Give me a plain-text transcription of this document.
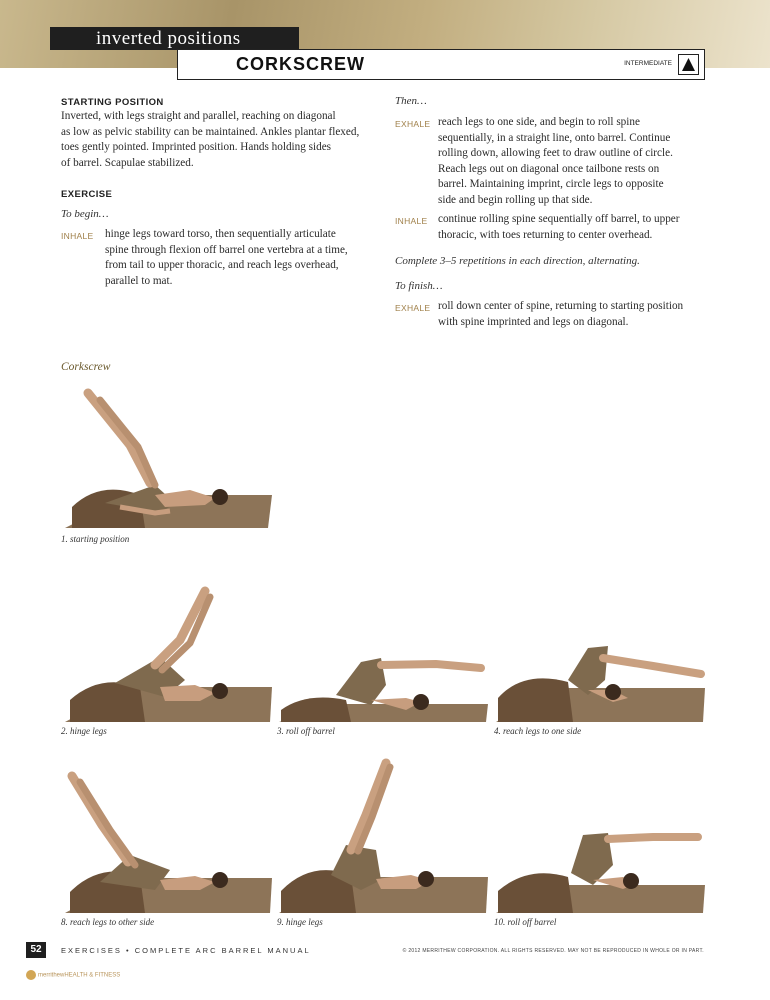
inverted positions
CORKSCREW	INTERMEDIATE
STARTING POSITION
Inverted, with legs straight and parallel, reaching on diagonal
as low as pelvic stability can be maintained. Ankles plantar flexed,
toes gently pointed. Imprinted position. Hands holding sides
of barrel. Scapulae stabilized.
EXERCISE
To begin…
INHALE hinge legs toward torso, then sequentially articulate
spine through flexion off barrel one vertebra at a time,
from tail to upper thoracic, and reach legs overhead,
parallel to mat.
Then…
EXHALE reach legs to one side, and begin to roll spine
sequentially, in a straight line, onto barrel. Continue
rolling down, allowing feet to draw outline of circle.
Reach legs out on diagonal once tailbone rests on
barrel. Maintaining imprint, circle legs to opposite
side and begin rolling up that side.
INHALE continue rolling spine sequentially off barrel, to upper
thoracic, with toes returning to center overhead.
Complete 3–5 repetitions in each direction, alternating.
To finish…
EXHALE roll down center of spine, returning to starting position
with spine imprinted and legs on diagonal.
Corkscrew
1. starting position
2. hinge legs	3. roll off barrel	4. reach legs to one side
8. reach legs to other side	9. hinge legs	10. roll off barrel
52	EXERCISES • COMPLETE ARC BARREL MANUAL	© 2012 MERRITHEW CORPORATION. ALL RIGHTS RESERVED. MAY NOT BE REPRODUCED IN WHOLE OR IN PART.
merrithewHEALTH & FITNESS
